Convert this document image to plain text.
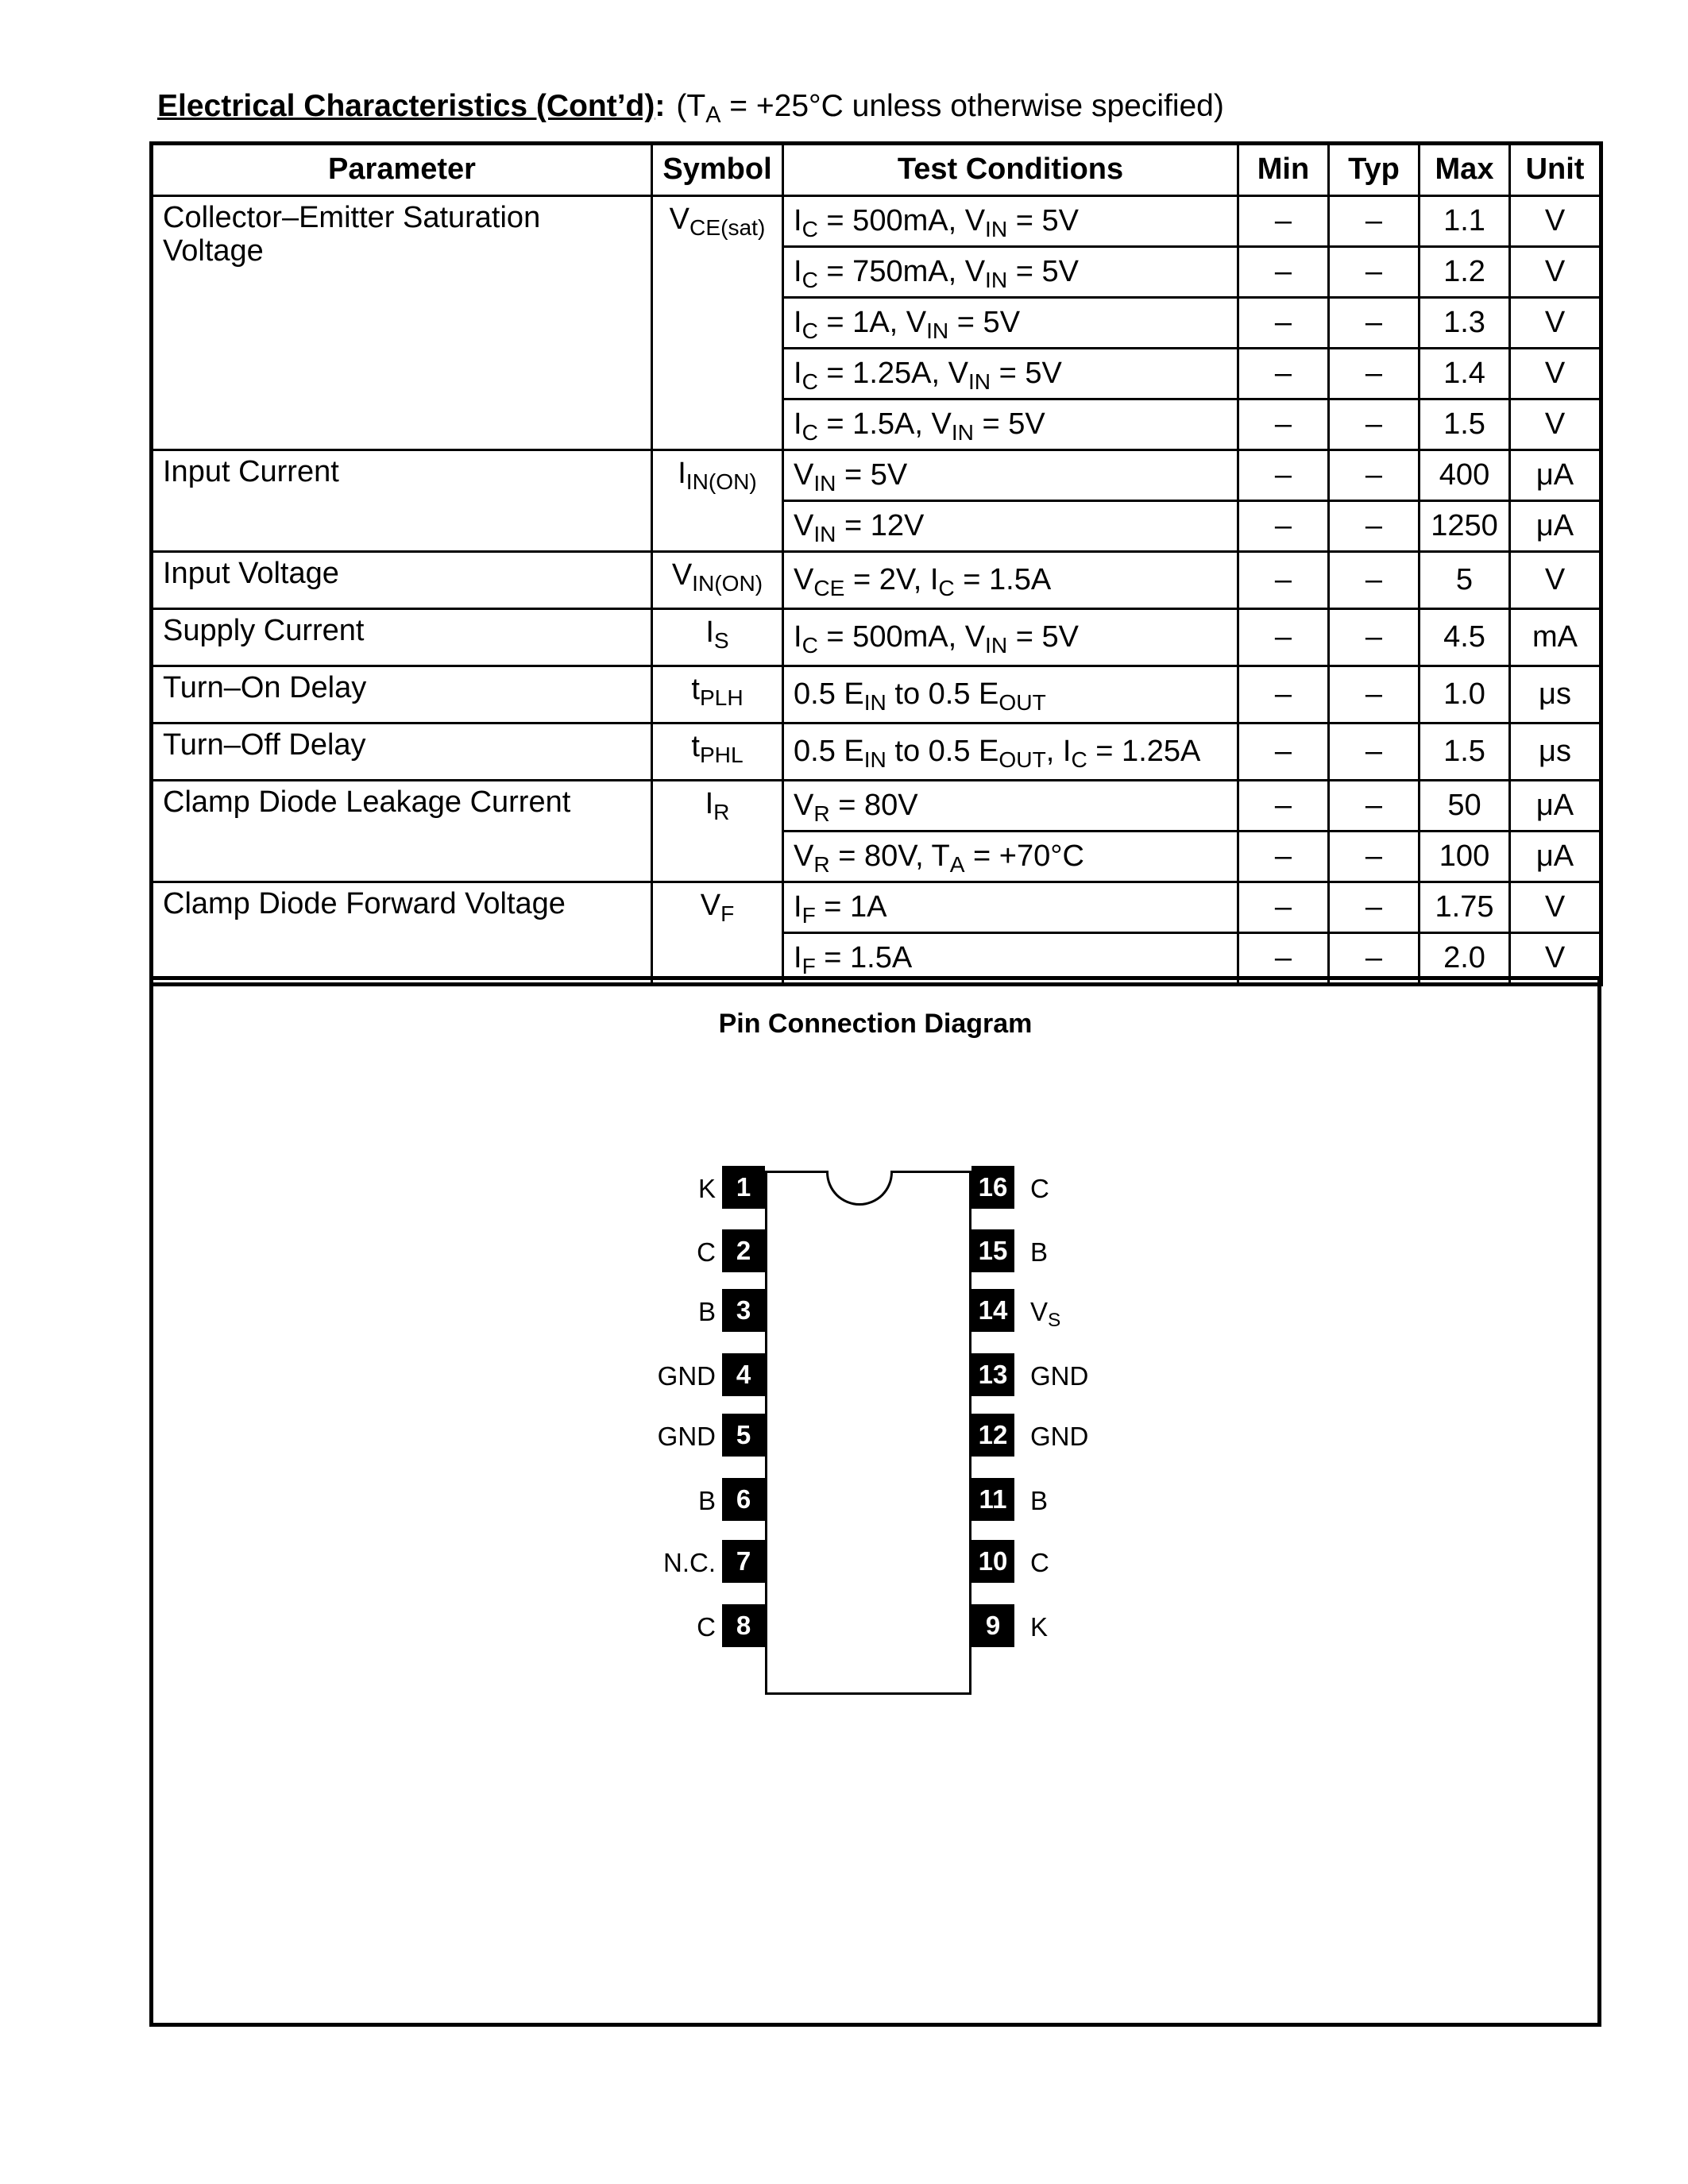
Electrical Characteristics (Cont’d): ($T_A = +25^\circ C$ unless otherwise specified)
Parameter	Symbol	Test Conditions	Min	Typ	Max	Unit
Collector–Emitter Saturation Voltage	$V_{CE(sat)}$	$I_C = 500mA$, $V_{IN} = 5V$	–	–	1.1	V
		$I_C = 750mA$, $V_{IN} = 5V$	–	–	1.2	V
		$I_C = 1A$, $V_{IN} = 5V$	–	–	1.3	V
		$I_C = 1.25A$, $V_{IN} = 5V$	–	–	1.4	V
		$I_C = 1.5A$, $V_{IN} = 5V$	–	–	1.5	V
Input Current	$I_{IN(ON)}$	$V_{IN} = 5V$	–	–	400	μA
		$V_{IN} = 12V$	–	–	1250	μA
Input Voltage	$V_{IN(ON)}$	$V_{CE} = 2V$, $I_C = 1.5A$	–	–	5	V
Supply Current	$I_S$	$I_C = 500mA$, $V_{IN} = 5V$	–	–	4.5	mA
Turn–On Delay	$t_{PLH}$	0.5 $E_{IN}$ to 0.5 $E_{OUT}$	–	–	1.0	μs
Turn–Off Delay	$t_{PHL}$	0.5 $E_{IN}$ to 0.5 $E_{OUT}$, $I_C = 1.25A$	–	–	1.5	μs
Clamp Diode Leakage Current	$I_R$	$V_R = 80V$	–	–	50	μA
		$V_R = 80V$, $T_A = +70^\circ C$	–	–	100	μA
Clamp Diode Forward Voltage	$V_F$	$I_F = 1A$	–	–	1.75	V
		$I_F = 1.5A$	–	–	2.0	V
Pin Connection Diagram
1
K
2
C
3
B
4
GND
5
GND
6
B
7
N.C.
8
C
16 C
15 B
14 $V_S$
13 GND
12 GND
11 B
10 C
9	K
